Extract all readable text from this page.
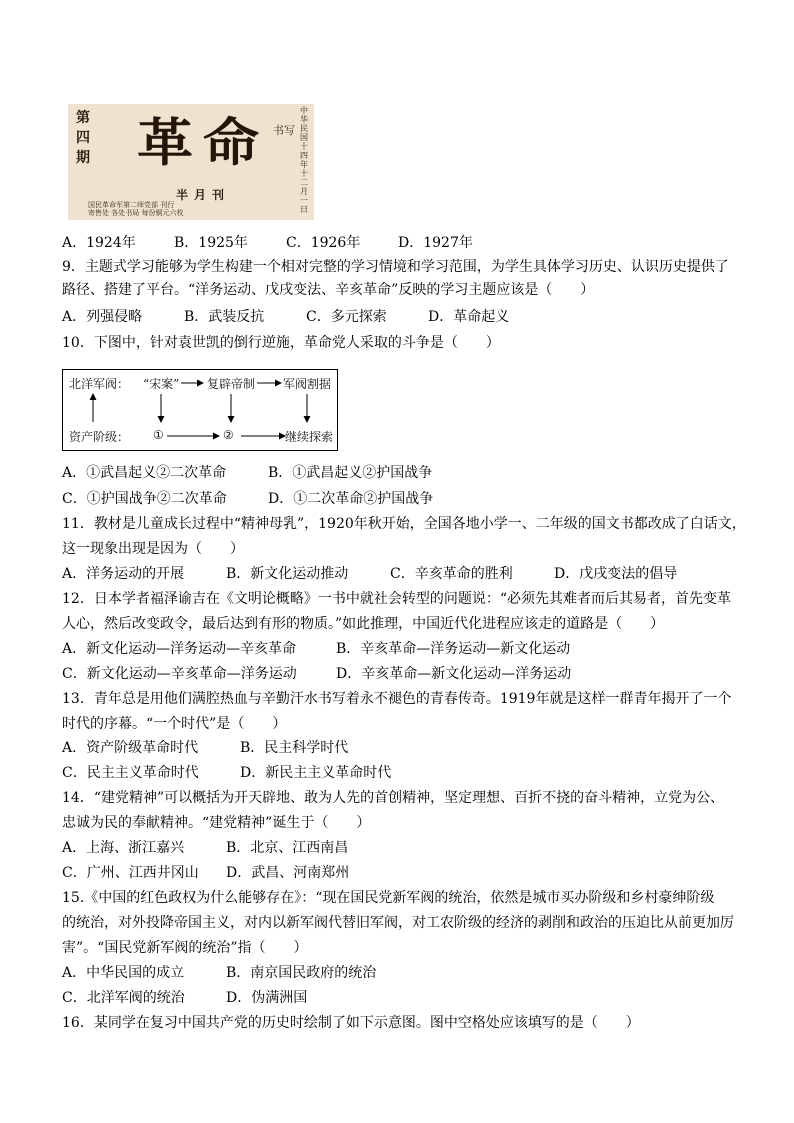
第四期 革命 书写
中华民国十四年十二月一日
半月刊
国民革命军第二师党部 刊行
寄售处 各处书局 每份铜元六枚
A．1924年	B．1925年	C．1926年	D．1927年
9．主题式学习能够为学生构建一个相对完整的学习情境和学习范围，为学生具体学习历史、认识历史提供了
路径、搭建了平台。“洋务运动、戊戌变法、辛亥革命”反映的学习主题应该是（　　）
A．列强侵略	B．武装反抗	C．多元探索	D．革命起义
10．下图中，针对袁世凯的倒行逆施，革命党人采取的斗争是（　　）
A．①武昌起义②二次革命	B．①武昌起义②护国战争
C．①护国战争②二次革命	D．①二次革命②护国战争
11．教材是儿童成长过程中“精神母乳”，1920年秋开始，全国各地小学一、二年级的国文书都改成了白话文，
这一现象出现是因为（　　）
A．洋务运动的开展	B．新文化运动推动	C．辛亥革命的胜利	D．戊戌变法的倡导
12．日本学者福泽谕吉在《文明论概略》一书中就社会转型的问题说：“必须先其难者而后其易者，首先变革
人心，然后改变政令，最后达到有形的物质。”如此推理，中国近代化进程应该走的道路是（　　）
A．新文化运动—洋务运动—辛亥革命	B．辛亥革命—洋务运动—新文化运动
C．新文化运动—辛亥革命—洋务运动	D．辛亥革命—新文化运动—洋务运动
13．青年总是用他们满腔热血与辛勤汗水书写着永不褪色的青春传奇。1919年就是这样一群青年揭开了一个
时代的序幕。“一个时代”是（　　）
A．资产阶级革命时代	B．民主科学时代
C．民主主义革命时代	D．新民主主义革命时代
14．“建党精神”可以概括为开天辟地、敢为人先的首创精神，坚定理想、百折不挠的奋斗精神，立党为公、
忠诚为民的奉献精神。“建党精神”诞生于（　　）
A．上海、浙江嘉兴	B．北京、江西南昌
C．广州、江西井冈山 D．武昌、河南郑州
15.《中国的红色政权为什么能够存在》：“现在国民党新军阀的统治，依然是城市买办阶级和乡村豪绅阶级
的统治，对外投降帝国主义，对内以新军阀代替旧军阀，对工农阶级的经济的剥削和政治的压迫比从前更加厉
害”。“国民党新军阀的统治”指（　　）
A．中华民国的成立	B．南京国民政府的统治
C．北洋军阀的统治	D．伪满洲国
16．某同学在复习中国共产党的历史时绘制了如下示意图。图中空格处应该填写的是（　　）
北洋军阀： “宋案” 复辟帝制 军阀割据
资产阶级： ①	②	继续探索
